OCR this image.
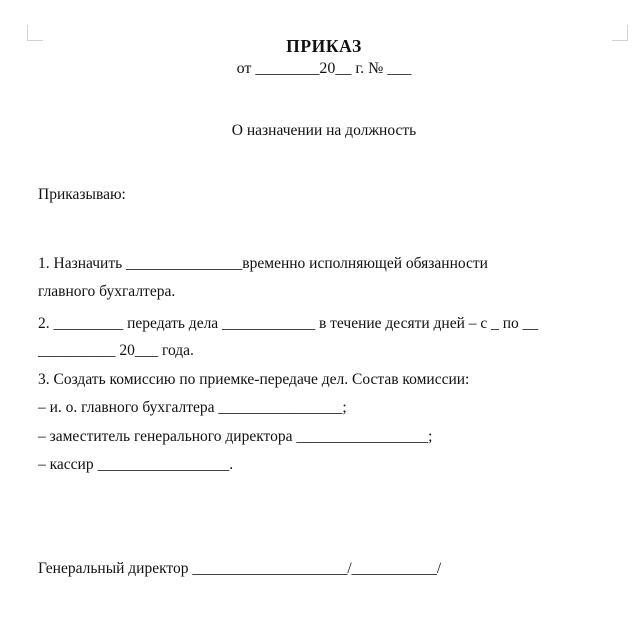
ПРИКАЗ
от ________20__ г. № ___
О назначении на должность
Приказываю:

1. Назначить _______________временно исполняющей обязанности

главного бухгалтера.

2. _________ передать дела ____________ в течение десяти дней – с _ по __

__________ 20___ года.

3. Создать комиссию по приемке-передаче дел. Состав комиссии:

– и. о. главного бухгалтера ________________;

– заместитель генерального директора _________________;

– кассир _________________.

Генеральный директор ____________________/___________/
